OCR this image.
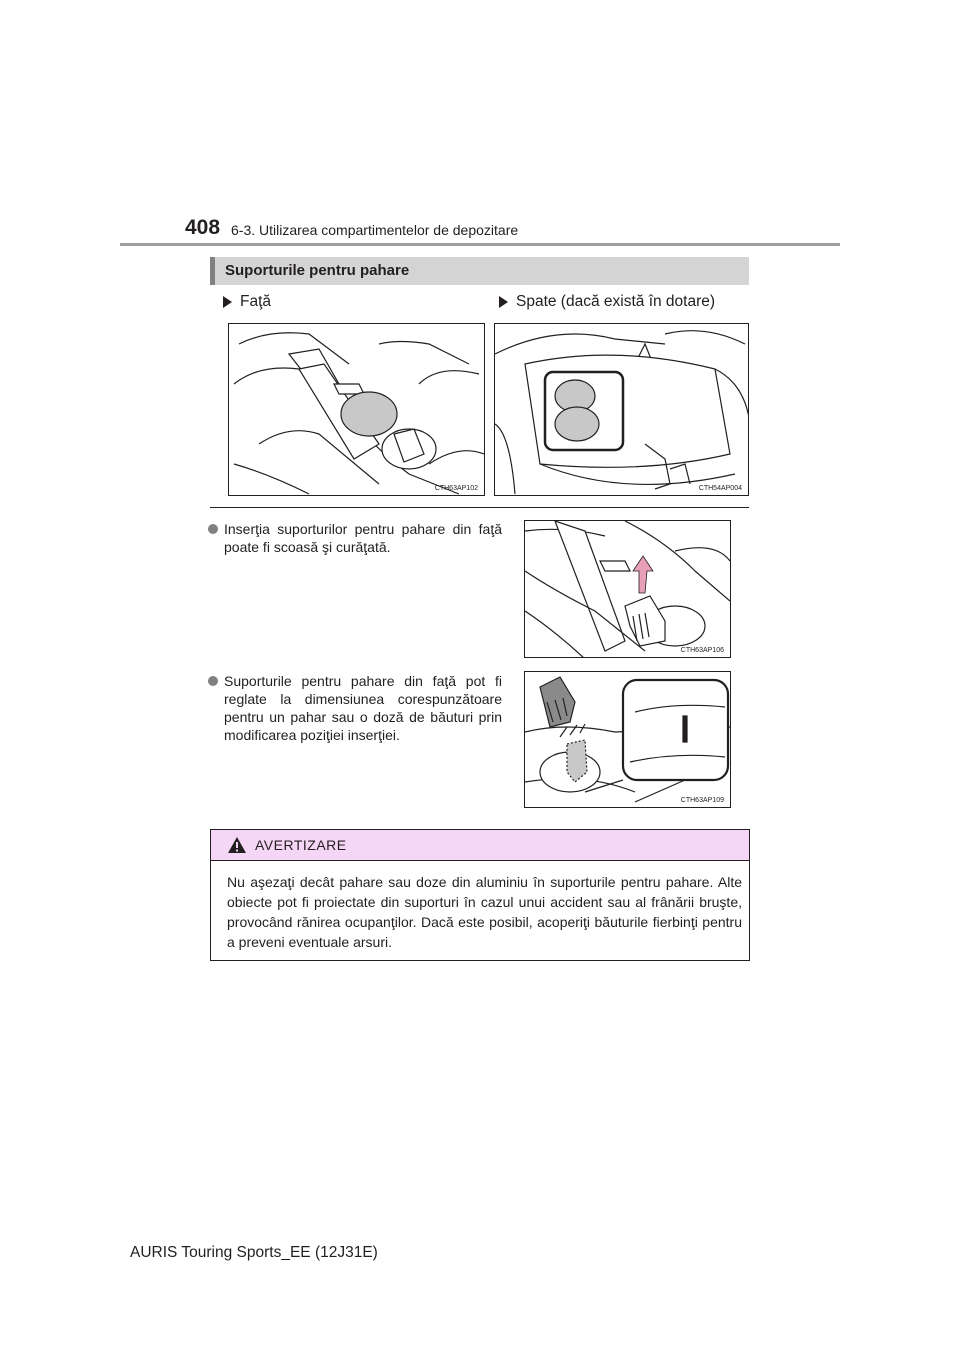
408 6-3. Utilizarea compartimentelor de depozitare
Suporturile pentru pahare
Faţă	Spate (dacă există în dotare)
CTH63AP102	CTH54AP004
Inserţia suporturilor pentru pahare din faţă poate fi scoasă şi curăţată.
CTH63AP106
Suporturile pentru pahare din faţă pot fi reglate la dimensiunea corespunzătoare pentru un pahar sau o doză de băuturi prin modificarea poziţiei inserţiei.
CTH63AP109
AVERTIZARE
Nu aşezaţi decât pahare sau doze din aluminiu în suporturile pentru pahare. Alte obiecte pot fi proiectate din suporturi în cazul unui accident sau al frânării bruşte, provocând rănirea ocupanţilor. Dacă este posibil, acoperiţi băuturile fierbinţi pentru a preveni eventuale arsuri.
AURIS Touring Sports_EE (12J31E)
